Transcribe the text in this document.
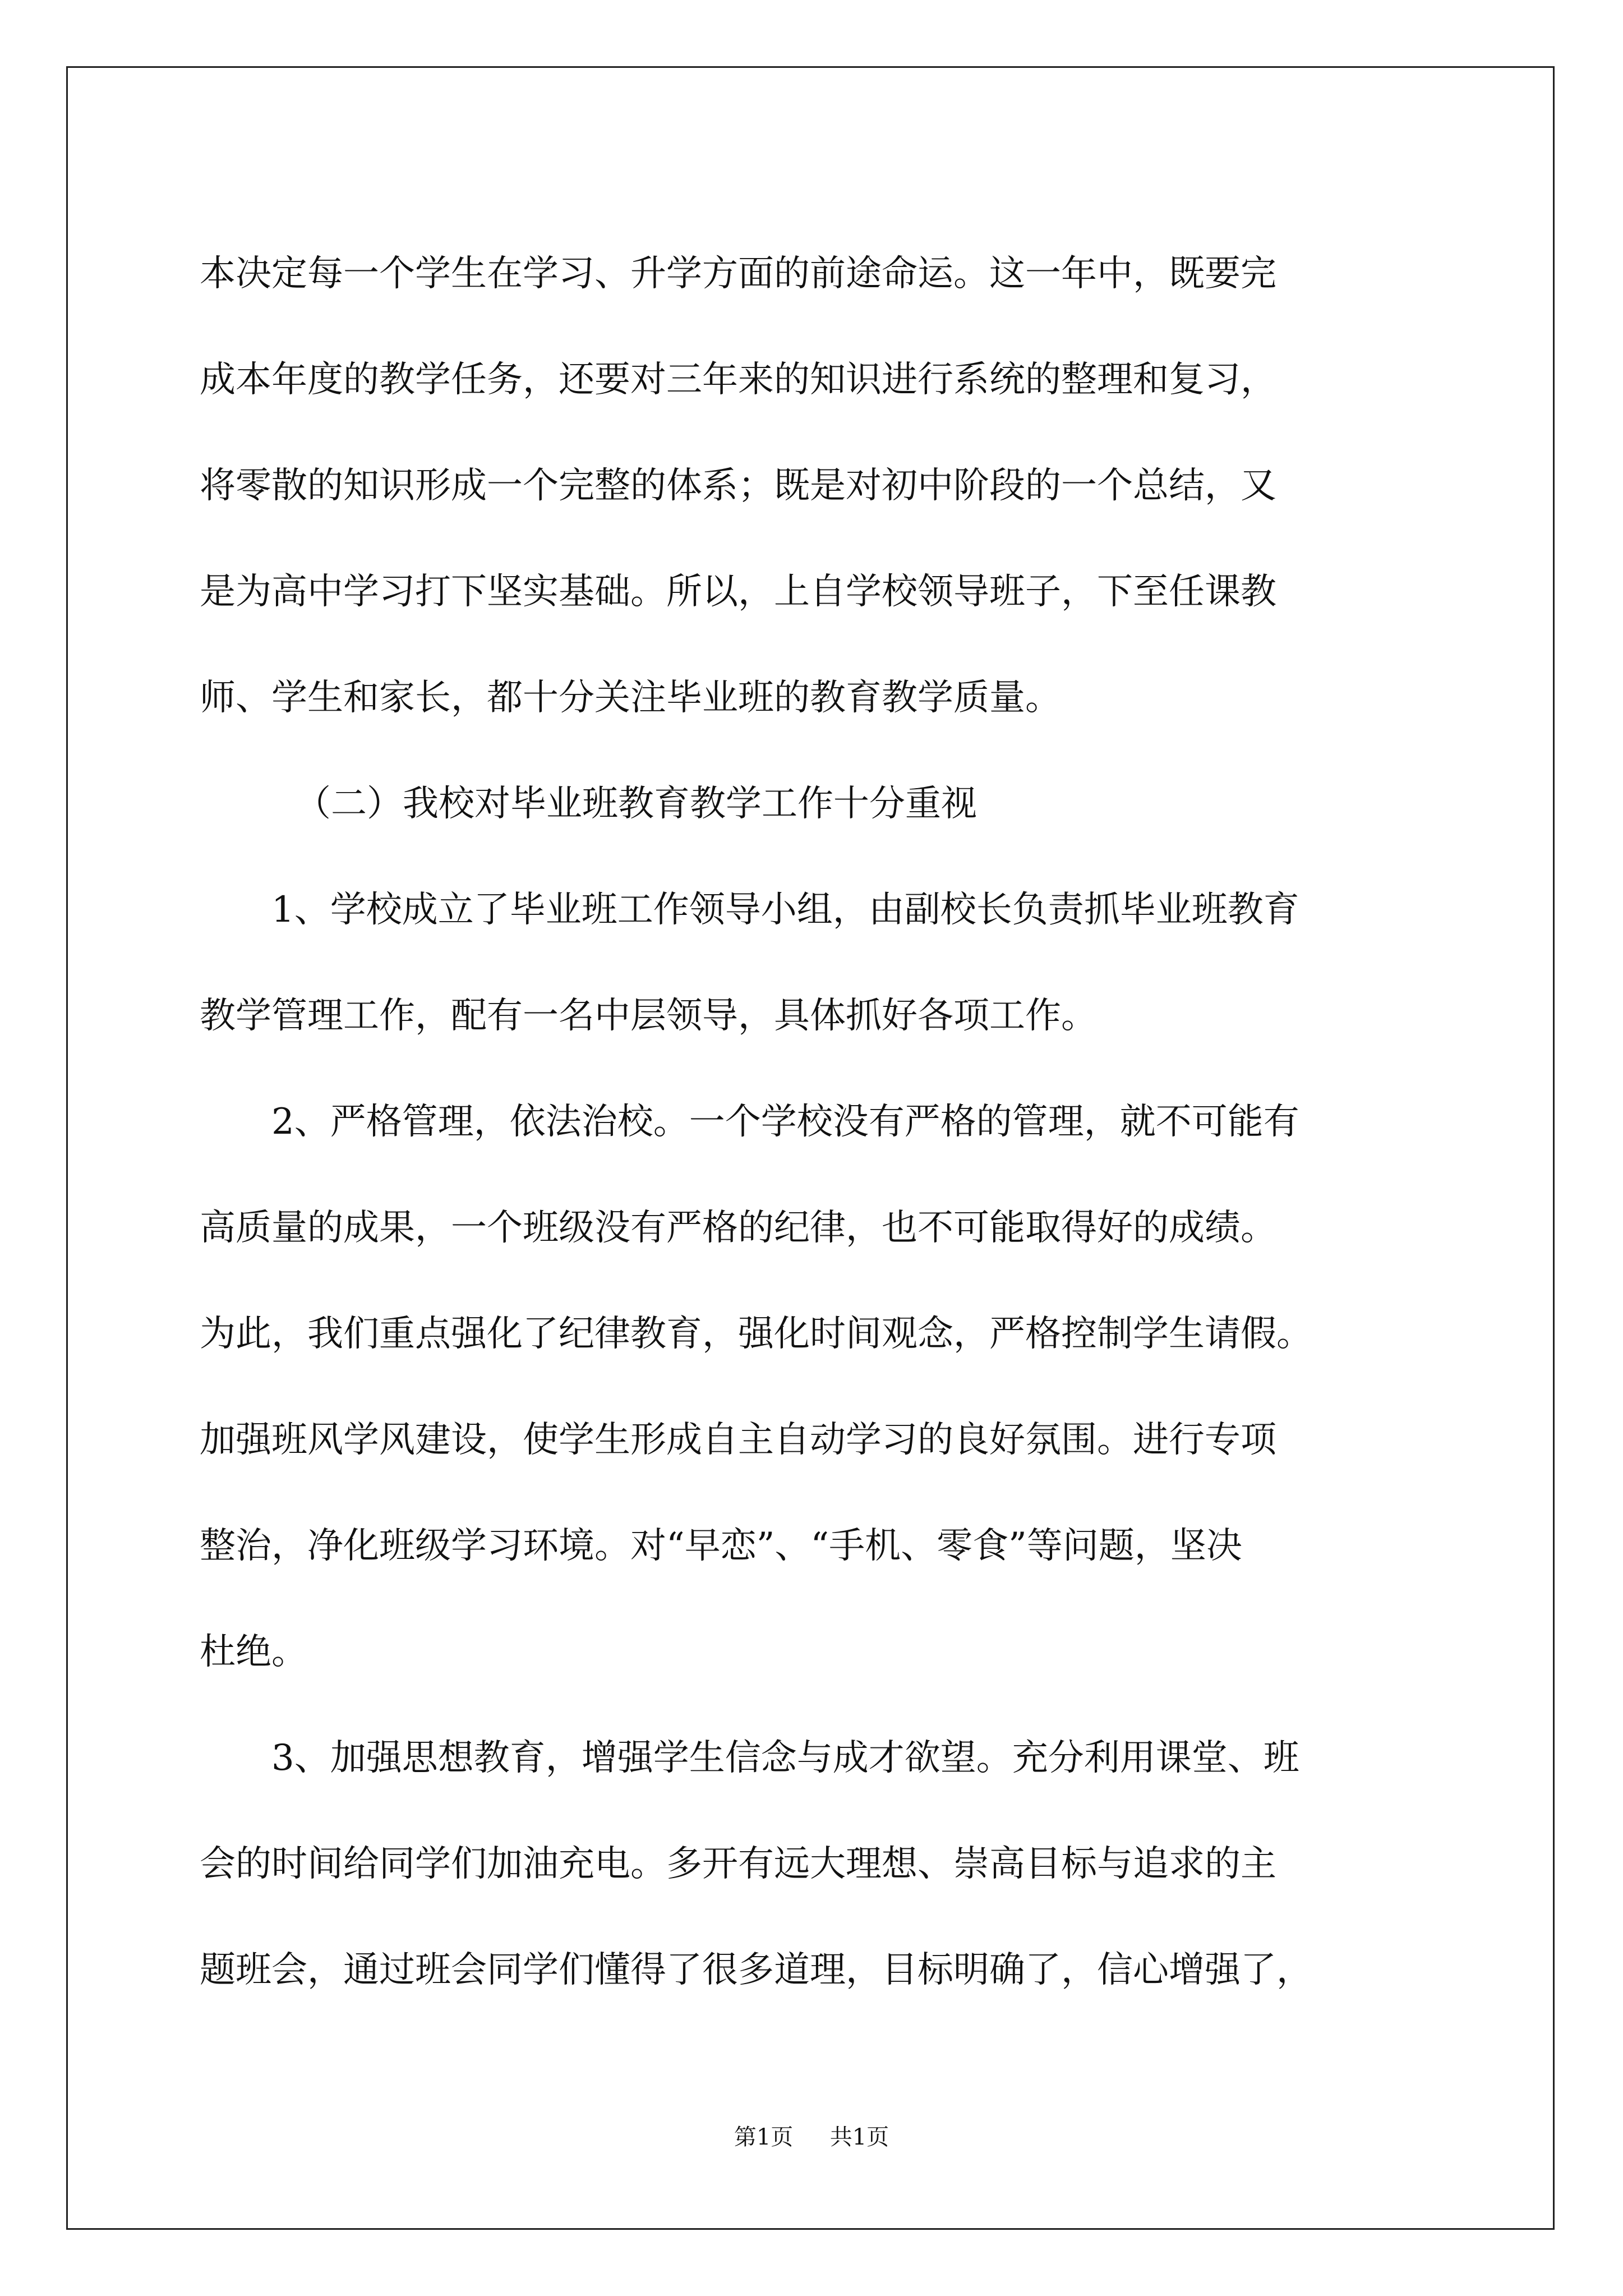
本决定每一个学生在学习、升学方面的前途命运。这一年中，既要完
成本年度的教学任务，还要对三年来的知识进行系统的整理和复习，
将零散的知识形成一个完整的体系；既是对初中阶段的一个总结，又
是为高中学习打下坚实基础。所以，上自学校领导班子，下至任课教
师、学生和家长，都十分关注毕业班的教育教学质量。
（二）我校对毕业班教育教学工作十分重视
1、学校成立了毕业班工作领导小组，由副校长负责抓毕业班教育
教学管理工作，配有一名中层领导，具体抓好各项工作。
2、严格管理，依法治校。一个学校没有严格的管理，就不可能有
高质量的成果，一个班级没有严格的纪律，也不可能取得好的成绩。
为此，我们重点强化了纪律教育，强化时间观念，严格控制学生请假。
加强班风学风建设，使学生形成自主自动学习的良好氛围。进行专项
整治，净化班级学习环境。对“早恋”、“手机、零食”等问题，坚决
杜绝。
3、加强思想教育，增强学生信念与成才欲望。充分利用课堂、班
会的时间给同学们加油充电。多开有远大理想、崇高目标与追求的主
题班会，通过班会同学们懂得了很多道理，目标明确了，信心增强了，
第1页 共1页
